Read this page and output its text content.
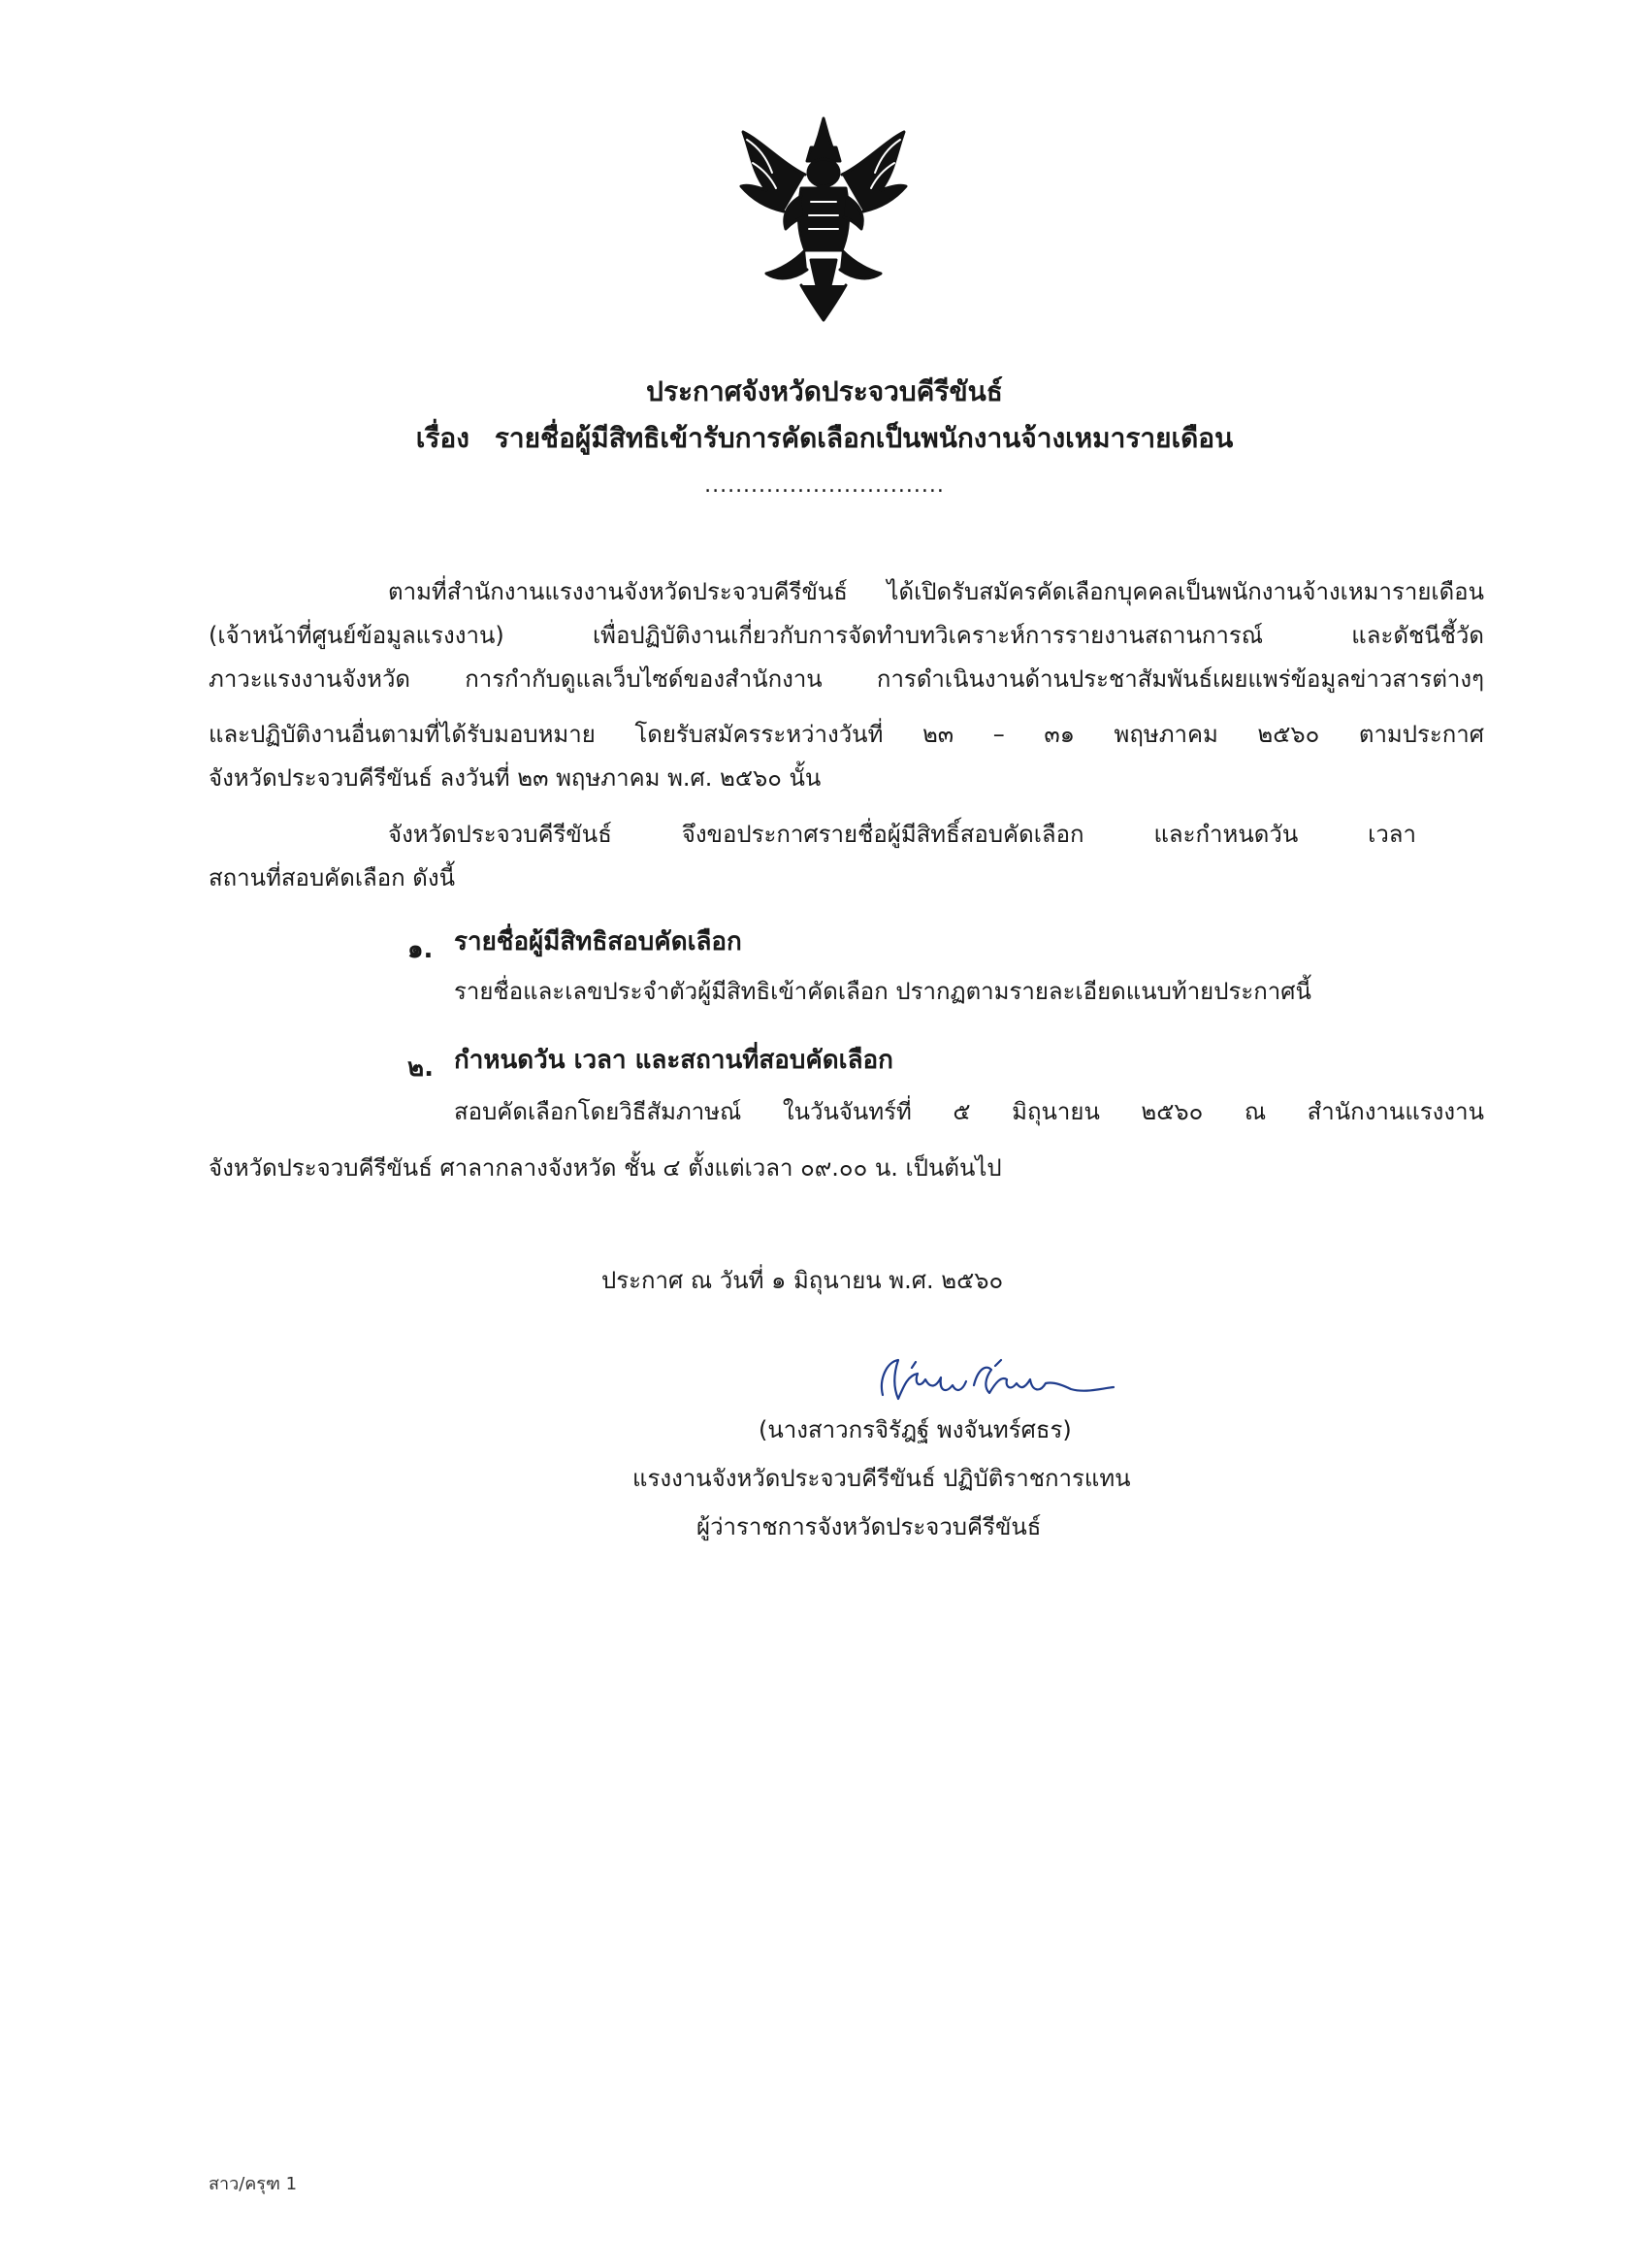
ประกาศจังหวัดประจวบคีรีขันธ์
เรื่อง รายชื่อผู้มีสิทธิเข้ารับการคัดเลือกเป็นพนักงานจ้างเหมารายเดือน
...............................
ตามที่สำนักงานแรงงานจังหวัดประจวบคีรีขันธ์ ได้เปิดรับสมัครคัดเลือกบุคคลเป็นพนักงานจ้างเหมารายเดือน
(เจ้าหน้าที่ศูนย์ข้อมูลแรงงาน) เพื่อปฏิบัติงานเกี่ยวกับการจัดทำบทวิเคราะห์การรายงานสถานการณ์ และดัชนีชี้วัด
ภาวะแรงงานจังหวัด การกำกับดูแลเว็บไซด์ของสำนักงาน การดำเนินงานด้านประชาสัมพันธ์เผยแพร่ข้อมูลข่าวสารต่างๆ
และปฏิบัติงานอื่นตามที่ได้รับมอบหมาย โดยรับสมัครระหว่างวันที่ ๒๓ – ๓๑ พฤษภาคม ๒๕๖๐ ตามประกาศ
จังหวัดประจวบคีรีขันธ์ ลงวันที่ ๒๓ พฤษภาคม พ.ศ. ๒๕๖๐ นั้น
จังหวัดประจวบคีรีขันธ์ จึงขอประกาศรายชื่อผู้มีสิทธิ์สอบคัดเลือก และกำหนดวัน เวลา
สถานที่สอบคัดเลือก ดังนี้
๑. รายชื่อผู้มีสิทธิสอบคัดเลือก
รายชื่อและเลขประจำตัวผู้มีสิทธิเข้าคัดเลือก ปรากฏตามรายละเอียดแนบท้ายประกาศนี้
๒. กำหนดวัน เวลา และสถานที่สอบคัดเลือก
สอบคัดเลือกโดยวิธีสัมภาษณ์ ในวันจันทร์ที่ ๕ มิถุนายน ๒๕๖๐ ณ สำนักงานแรงงาน
จังหวัดประจวบคีรีขันธ์ ศาลากลางจังหวัด ชั้น ๔ ตั้งแต่เวลา ๐๙.๐๐ น. เป็นต้นไป
ประกาศ ณ วันที่ ๑ มิถุนายน พ.ศ. ๒๕๖๐
(นางสาวกรจิรัฎฐ์ พงจันทร์ศธร)
แรงงานจังหวัดประจวบคีรีขันธ์ ปฏิบัติราชการแทน
ผู้ว่าราชการจังหวัดประจวบคีรีขันธ์
สาว/ครุฑ 1
